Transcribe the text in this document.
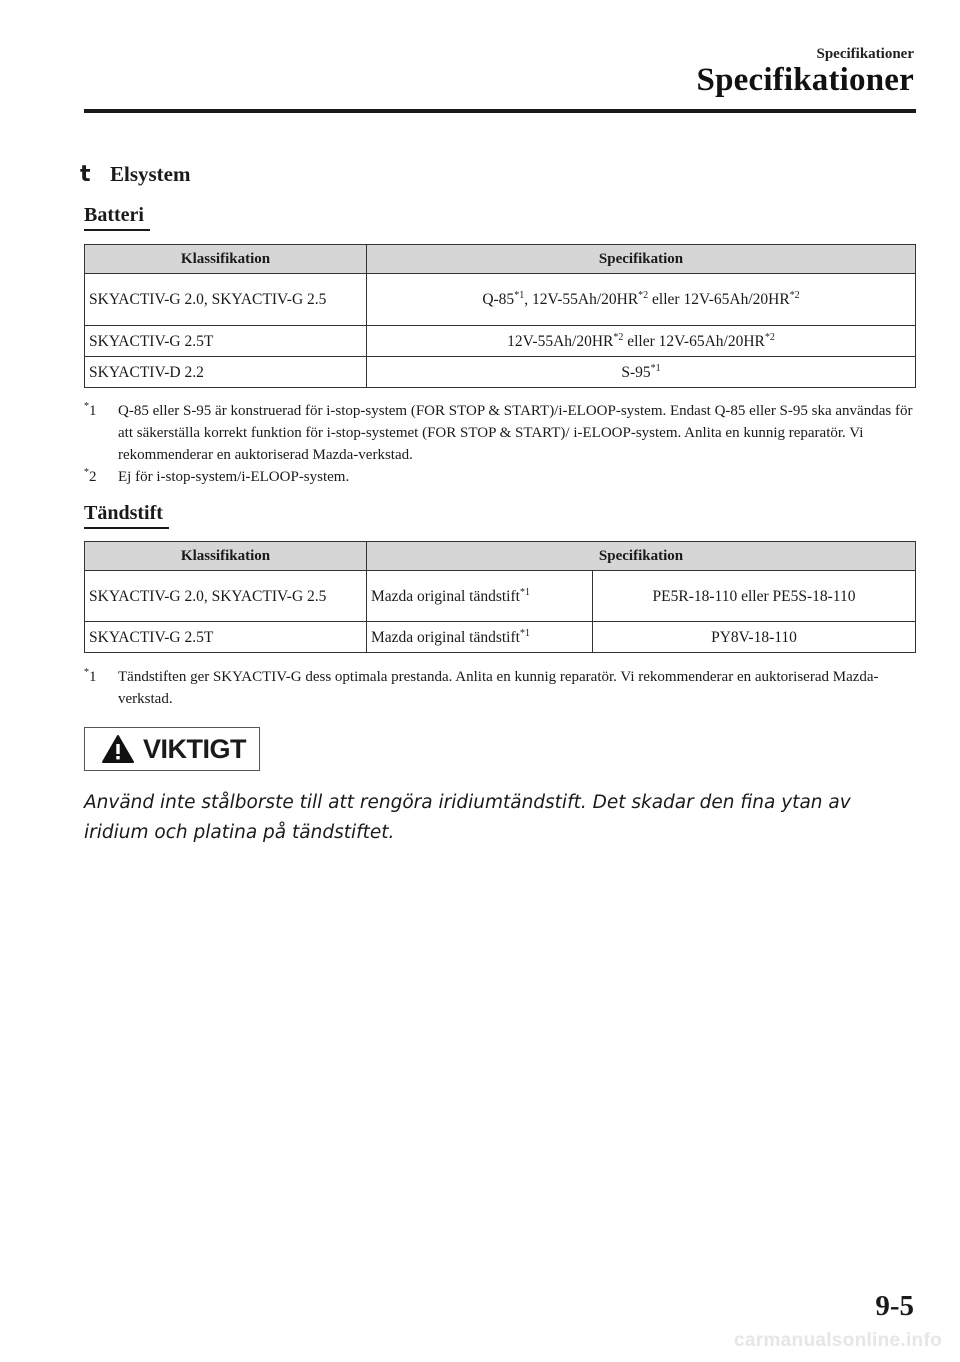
Specifikationer
Specifikationer
t Elsystem
Batteri
Klassifikation	Specifikation
SKYACTIV-G 2.0, SKYACTIV-G 2.5	Q-85$^{*1}$, 12V-55Ah/20HR$^{*2}$ eller 12V-65Ah/20HR$^{*2}$
SKYACTIV-G 2.5T	12V-55Ah/20HR$^{*2}$ eller 12V-65Ah/20HR$^{*2}$
SKYACTIV-D 2.2	S-95$^{*1}$
*1 Q-85 eller S-95 är konstruerad för i-stop-system (FOR STOP & START)/i-ELOOP-system. Endast Q-85 eller S-95 ska användas för att säkerställa korrekt funktion för i-stop-systemet (FOR STOP & START)/ i-ELOOP-system. Anlita en kunnig reparatör. Vi rekommenderar en auktoriserad Mazda-verkstad.
*2 Ej för i-stop-system/i-ELOOP-system.
Tändstift
Klassifikation	Specifikation	
SKYACTIV-G 2.0, SKYACTIV-G 2.5	Mazda original tändstift$^{*1}$	PE5R-18-110 eller PE5S-18-110
SKYACTIV-G 2.5T	Mazda original tändstift$^{*1}$	PY8V-18-110
*1 Tändstiften ger SKYACTIV-G dess optimala prestanda. Anlita en kunnig reparatör. Vi rekommenderar en auktoriserad Mazda-verkstad.
VIKTIGT
Använd inte stålborste till att rengöra iridiumtändstift. Det skadar den fina ytan av iridium och platina på tändstiftet.
9-5
carmanualsonline.info
